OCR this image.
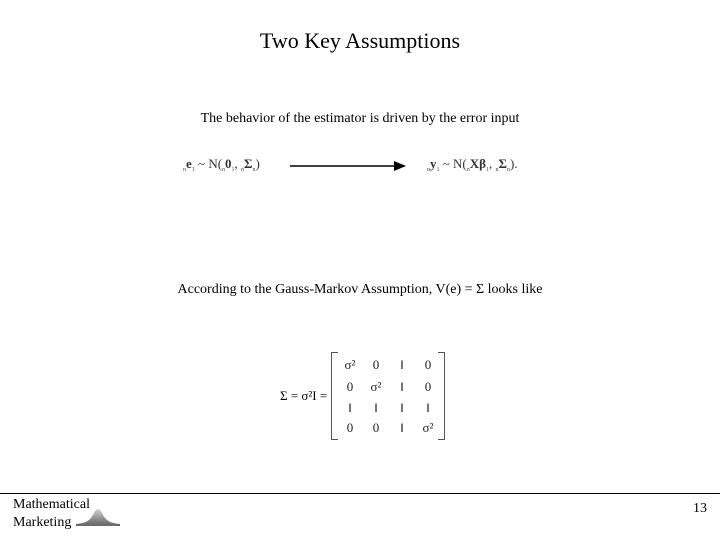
Two Key Assumptions
The behavior of the estimator is driven by the error input
$_ne_1$ ~ $N(_n0_1$, $_n\Sigma_n$)	$_ny_1$ ~ $N(_nX\beta_1$, $_n\Sigma_n$).
According to the Gauss-Markov Assumption, V(e) = Σ looks like
Σ = σ²I =
σ²	0	‖	0
0	σ²	‖	0
‖	‖	‖	‖
0	0	‖	σ²
Mathematical
Marketing
13
